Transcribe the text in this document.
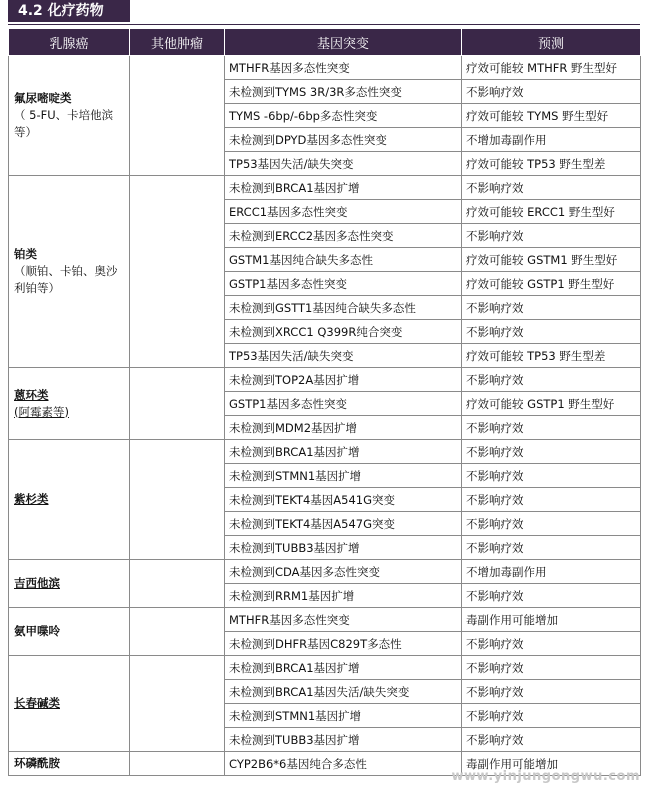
4.2 化疗药物
乳腺癌	其他肿瘤	基因突变	预测
氟尿嘧啶类
（ 5-FU、卡培他滨等）		MTHFR基因多态性突变	疗效可能较 MTHFR 野生型好
		未检测到TYMS 3R/3R多态性突变	不影响疗效
		TYMS -6bp/-6bp多态性突变	疗效可能较 TYMS 野生型好
		未检测到DPYD基因多态性突变	不增加毒副作用
		TP53基因失活/缺失突变	疗效可能较 TP53 野生型差
铂类
（顺铂、卡铂、奥沙利铂等）		未检测到BRCA1基因扩增	不影响疗效
		ERCC1基因多态性突变	疗效可能较 ERCC1 野生型好
		未检测到ERCC2基因多态性突变	不影响疗效
		GSTM1基因纯合缺失多态性	疗效可能较 GSTM1 野生型好
		GSTP1基因多态性突变	疗效可能较 GSTP1 野生型好
		未检测到GSTT1基因纯合缺失多态性	不影响疗效
		未检测到XRCC1 Q399R纯合突变	不影响疗效
		TP53基因失活/缺失突变	疗效可能较 TP53 野生型差
蒽环类
(阿霉素等)		未检测到TOP2A基因扩增	不影响疗效
		GSTP1基因多态性突变	疗效可能较 GSTP1 野生型好
		未检测到MDM2基因扩增	不影响疗效
紫杉类		未检测到BRCA1基因扩增	不影响疗效
		未检测到STMN1基因扩增	不影响疗效
		未检测到TEKT4基因A541G突变	不影响疗效
		未检测到TEKT4基因A547G突变	不影响疗效
		未检测到TUBB3基因扩增	不影响疗效
吉西他滨		未检测到CDA基因多态性突变	不增加毒副作用
		未检测到RRM1基因扩增	不影响疗效
氨甲喋呤		MTHFR基因多态性突变	毒副作用可能增加
		未检测到DHFR基因C829T多态性	不影响疗效
长春碱类		未检测到BRCA1基因扩增	不影响疗效
		未检测到BRCA1基因失活/缺失突变	不影响疗效
		未检测到STMN1基因扩增	不影响疗效
		未检测到TUBB3基因扩增	不影响疗效
环磷酰胺		CYP2B6*6基因纯合多态性	毒副作用可能增加
www.yinjungongwu.com
